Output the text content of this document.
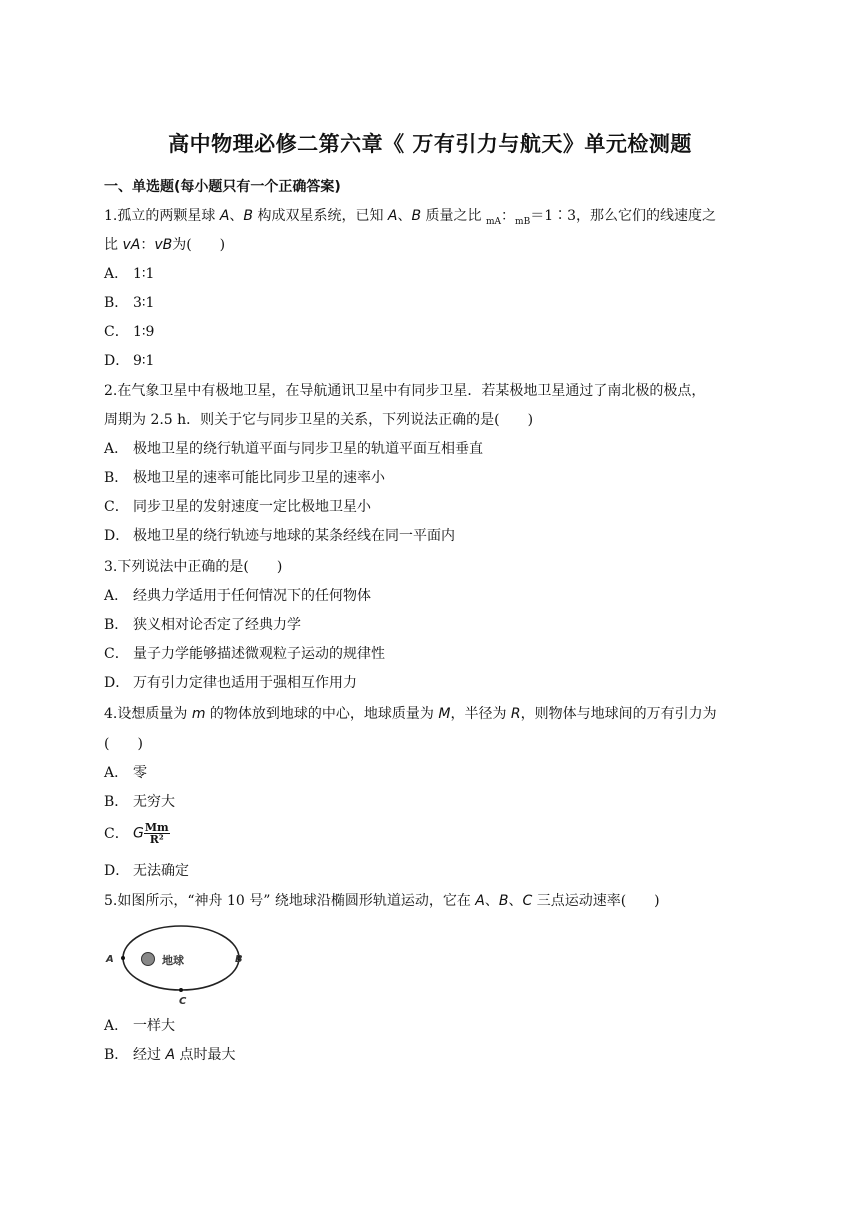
高中物理必修二第六章《 万有引力与航天》单元检测题
一、单选题(每小题只有一个正确答案)
1.孤立的两颗星球 A、B 构成双星系统，已知 A、B 质量之比 $_{mA}$：$_{mB}$＝1∶3，那么它们的线速度之
比 vA：vB为(　　)
A． 1∶1
B． 3∶1
C． 1∶9
D． 9∶1
2.在气象卫星中有极地卫星，在导航通讯卫星中有同步卫星．若某极地卫星通过了南北极的极点，
周期为 2.5 h．则关于它与同步卫星的关系，下列说法正确的是(　　)
A． 极地卫星的绕行轨道平面与同步卫星的轨道平面互相垂直
B． 极地卫星的速率可能比同步卫星的速率小
C． 同步卫星的发射速度一定比极地卫星小
D． 极地卫星的绕行轨迹与地球的某条经线在同一平面内
3.下列说法中正确的是(　　)
A． 经典力学适用于任何情况下的任何物体
B． 狭义相对论否定了经典力学
C． 量子力学能够描述微观粒子运动的规律性
D． 万有引力定律也适用于强相互作用力
4.设想质量为 m 的物体放到地球的中心，地球质量为 M，半径为 R，则物体与地球间的万有引力为
(　　)
A． 零
B． 无穷大
C． G $\frac{Mm}{\text{R²}}$
D． 无法确定
5.如图所示，“神舟 10 号” 绕地球沿椭圆形轨道运动，它在 A、B、C 三点运动速率(　　)
地球
A	B
C
A． 一样大
B． 经过 A 点时最大
